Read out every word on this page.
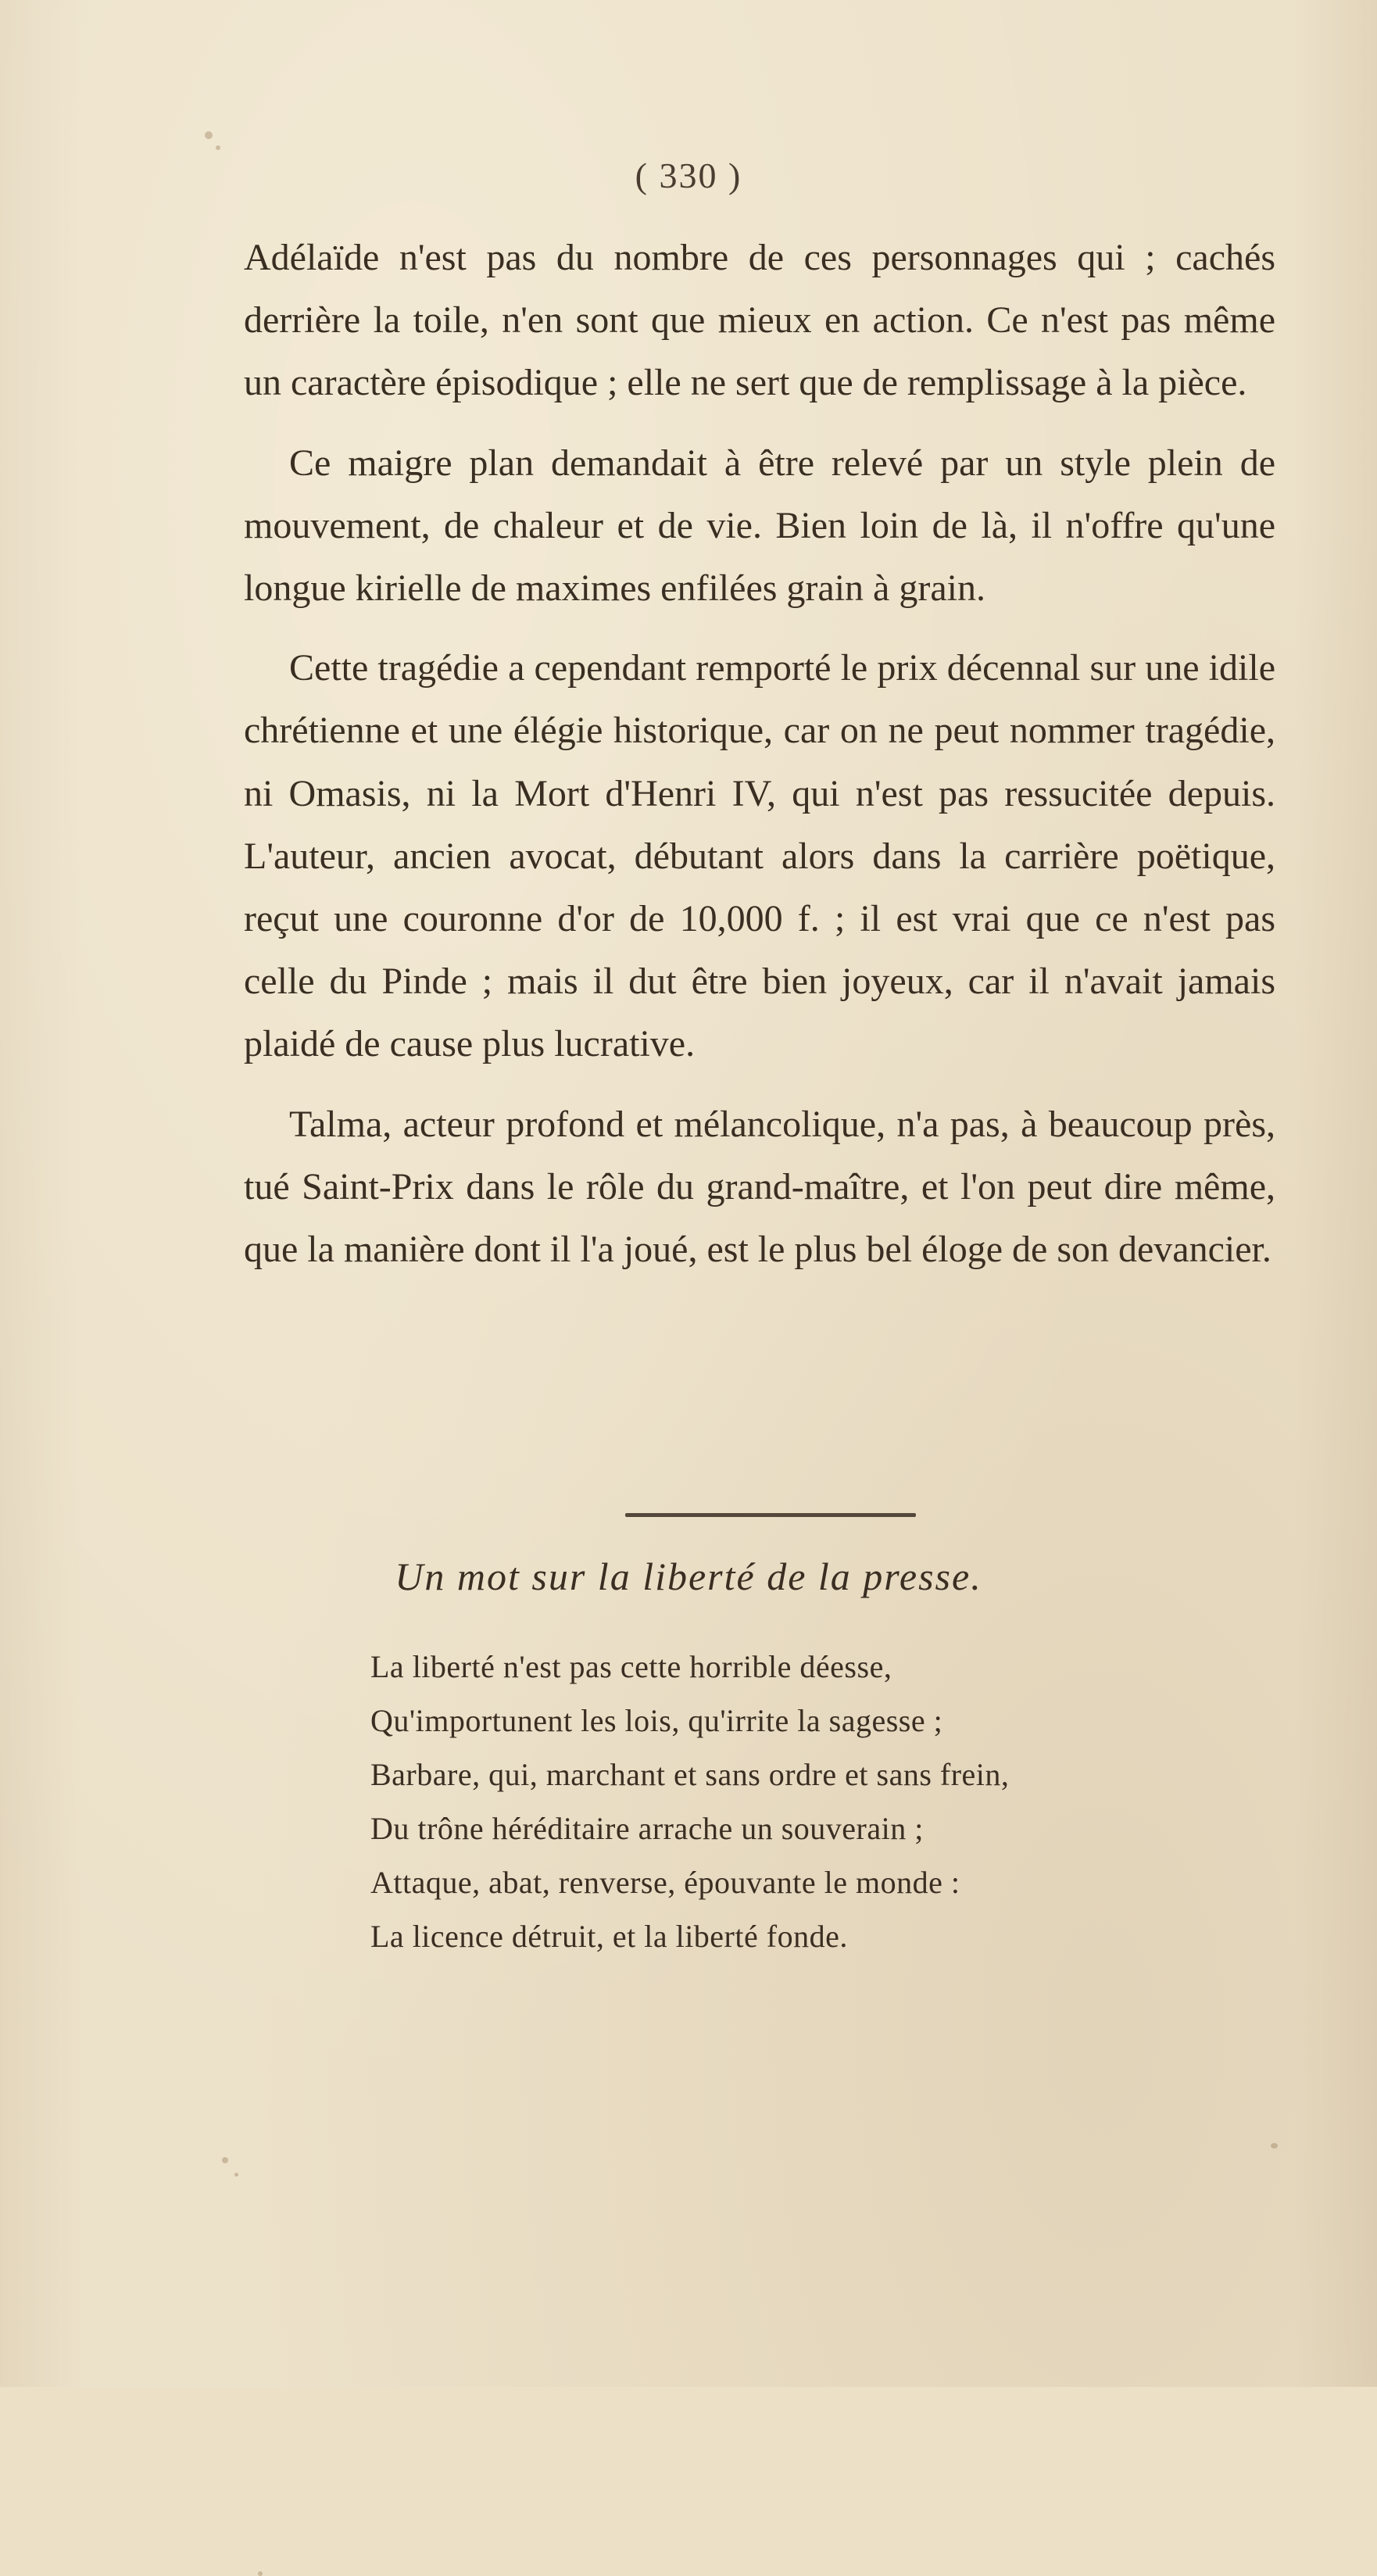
( 330 )

Adélaïde n'est pas du nombre de ces personnages qui ; cachés derrière la toile, n'en sont que mieux en action. Ce n'est pas même un caractère épisodique ; elle ne sert que de remplissage à la pièce.

Ce maigre plan demandait à être relevé par un style plein de mouvement, de chaleur et de vie. Bien loin de là, il n'offre qu'une longue kirielle de maximes enfilées grain à grain.

Cette tragédie a cependant remporté le prix décennal sur une idile chrétienne et une élégie historique, car on ne peut nommer tragédie, ni Omasis, ni la Mort d'Henri IV, qui n'est pas ressucitée depuis. L'auteur, ancien avocat, débutant alors dans la carrière poëtique, reçut une couronne d'or de 10,000 f. ; il est vrai que ce n'est pas celle du Pinde ; mais il dut être bien joyeux, car il n'avait jamais plaidé de cause plus lucrative.

Talma, acteur profond et mélancolique, n'a pas, à beaucoup près, tué Saint-Prix dans le rôle du grand-maître, et l'on peut dire même, que la manière dont il l'a joué, est le plus bel éloge de son devancier.

Un mot sur la liberté de la presse.
La liberté n'est pas cette horrible déesse,
Qu'importunent les lois, qu'irrite la sagesse ;
Barbare, qui, marchant et sans ordre et sans frein,
Du trône héréditaire arrache un souverain ;
Attaque, abat, renverse, épouvante le monde :
La licence détruit, et la liberté fonde.
